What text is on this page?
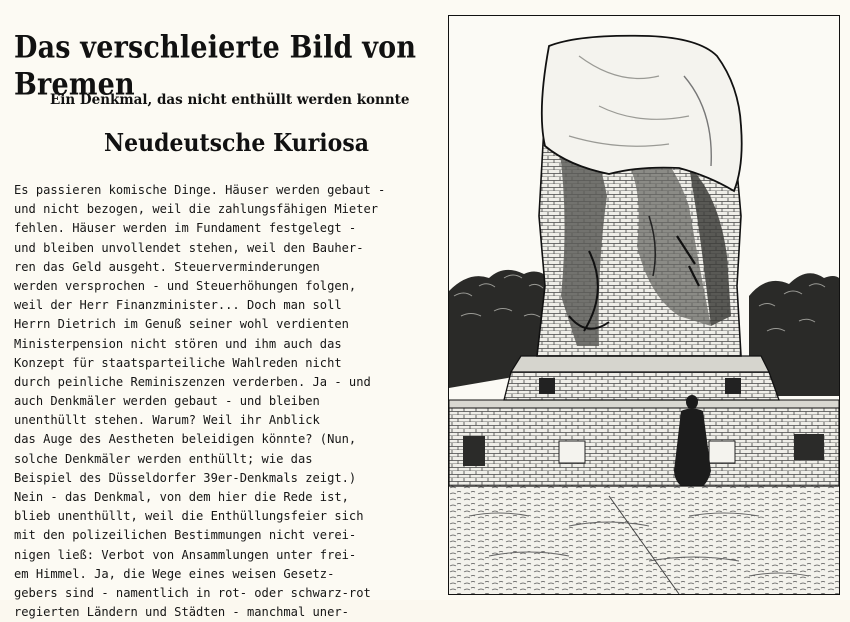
Das verschleierte Bild von Bremen
Ein Denkmal, das nicht enthüllt werden konnte
Neudeutsche Kuriosa
Es passieren komische Dinge. Häuser werden gebaut -
und nicht bezogen, weil die zahlungsfähigen Mieter
fehlen. Häuser werden im Fundament festgelegt -
und bleiben unvollendet stehen, weil den Bauher-
ren das Geld ausgeht. Steuerverminderungen
werden versprochen - und Steuerhöhungen folgen,
weil der Herr Finanzminister... Doch man soll
Herrn Dietrich im Genuß seiner wohl verdienten
Ministerpension nicht stören und ihm auch das
Konzept für staatsparteiliche Wahlreden nicht
durch peinliche Reminiszenzen verderben. Ja - und
auch Denkmäler werden gebaut - und bleiben
unenthüllt stehen. Warum? Weil ihr Anblick
das Auge des Aestheten beleidigen könnte? (Nun,
solche Denkmäler werden enthüllt; wie das
Beispiel des Düsseldorfer 39er-Denkmals zeigt.)
Nein - das Denkmal, von dem hier die Rede ist,
blieb unenthüllt, weil die Enthüllungsfeier sich
mit den polizeilichen Bestimmungen nicht verei-
nigen ließ: Verbot von Ansammlungen unter frei-
em Himmel. Ja, die Wege eines weisen Gesetz-
gebers sind - namentlich in rot- oder schwarz-rot
regierten Ländern und Städten - manchmal uner-
